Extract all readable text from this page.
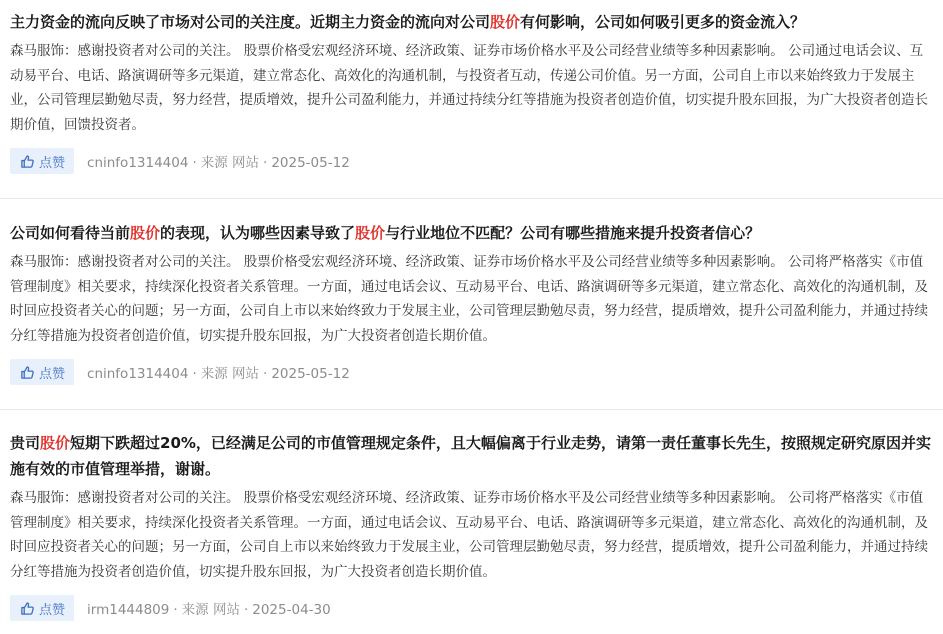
主力资金的流向反映了市场对公司的关注度。近期主力资金的流向对公司股价有何影响，公司如何吸引更多的资金流入？

森马服饰：感谢投资者对公司的关注。 股票价格受宏观经济环境、经济政策、证券市场价格水平及公司经营业绩等多种因素影响。 公司通过电话会议、互动易平台、电话、路演调研等多元渠道，建立常态化、高效化的沟通机制，与投资者互动，传递公司价值。另一方面，公司自上市以来始终致力于发展主业，公司管理层勤勉尽责，努力经营，提质增效，提升公司盈利能力，并通过持续分红等措施为投资者创造价值，切实提升股东回报，为广大投资者创造长期价值，回馈投资者。

点赞 cninfo1314404 · 来源 网站 · 2025-05-12

公司如何看待当前股价的表现，认为哪些因素导致了股价与行业地位不匹配？公司有哪些措施来提升投资者信心？

森马服饰：感谢投资者对公司的关注。 股票价格受宏观经济环境、经济政策、证券市场价格水平及公司经营业绩等多种因素影响。 公司将严格落实《市值管理制度》相关要求，持续深化投资者关系管理。一方面，通过电话会议、互动易平台、电话、路演调研等多元渠道，建立常态化、高效化的沟通机制，及时回应投资者关心的问题；另一方面，公司自上市以来始终致力于发展主业，公司管理层勤勉尽责，努力经营，提质增效，提升公司盈利能力，并通过持续分红等措施为投资者创造价值，切实提升股东回报，为广大投资者创造长期价值。

点赞 cninfo1314404 · 来源 网站 · 2025-05-12

贵司股价短期下跌超过20%，已经满足公司的市值管理规定条件，且大幅偏离于行业走势，请第一责任董事长先生，按照规定研究原因并实施有效的市值管理举措，谢谢。

森马服饰：感谢投资者对公司的关注。 股票价格受宏观经济环境、经济政策、证券市场价格水平及公司经营业绩等多种因素影响。 公司将严格落实《市值管理制度》相关要求，持续深化投资者关系管理。一方面，通过电话会议、互动易平台、电话、路演调研等多元渠道，建立常态化、高效化的沟通机制，及时回应投资者关心的问题；另一方面，公司自上市以来始终致力于发展主业，公司管理层勤勉尽责，努力经营，提质增效，提升公司盈利能力，并通过持续分红等措施为投资者创造价值，切实提升股东回报，为广大投资者创造长期价值。

点赞 irm1444809 · 来源 网站 · 2025-04-30
